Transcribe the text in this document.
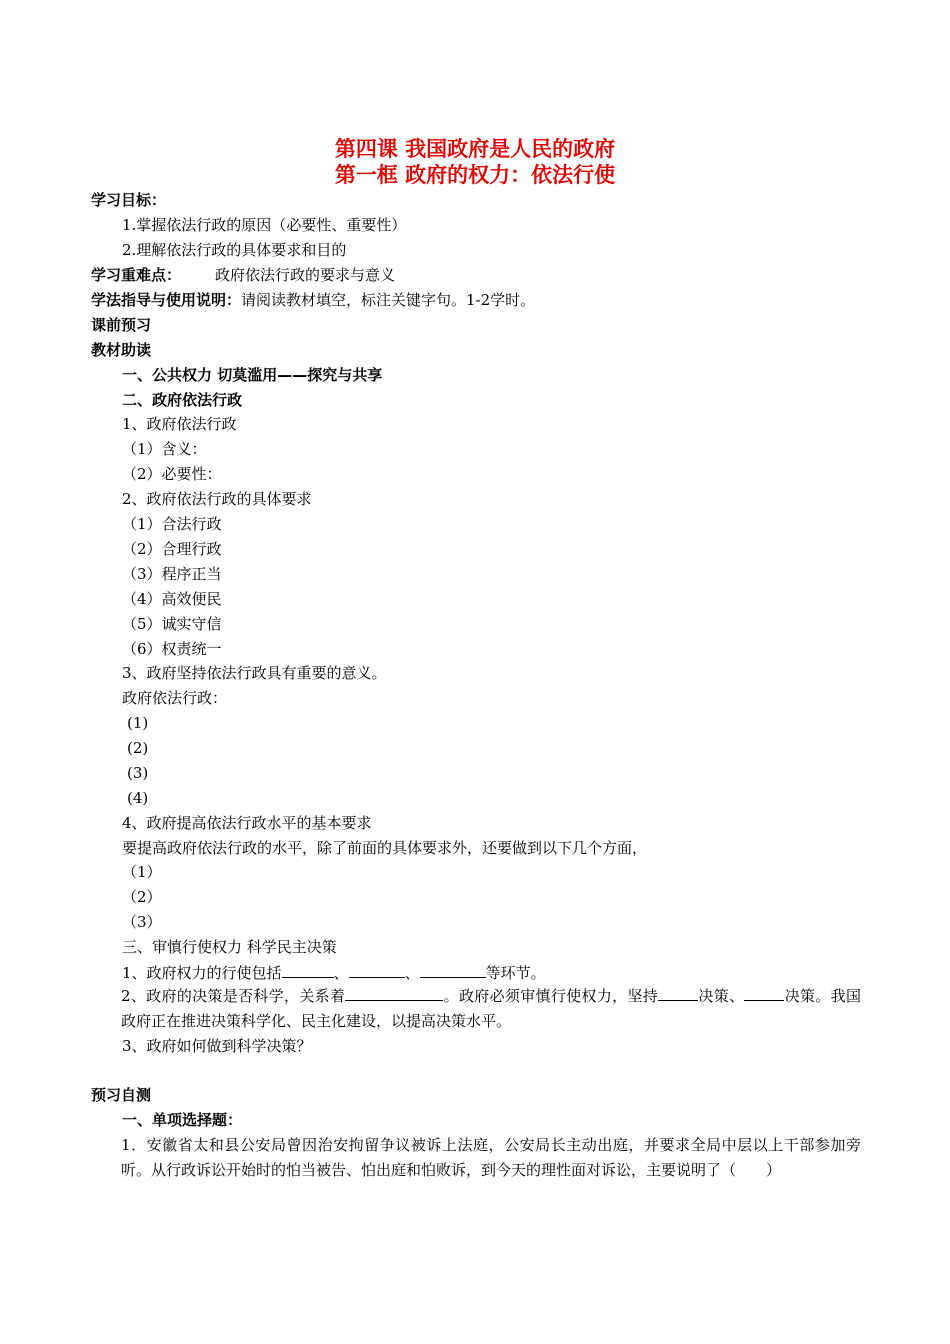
第四课 我国政府是人民的政府
第一框 政府的权力：依法行使
学习目标：
1.掌握依法行政的原因（必要性、重要性）
2.理解依法行政的具体要求和目的
学习重难点： 政府依法行政的要求与意义
学法指导与使用说明：请阅读教材填空，标注关键字句。1-2学时。
课前预习
教材助读
一、公共权力 切莫滥用——探究与共享
二、政府依法行政
1、政府依法行政
（1）含义：
（2）必要性：
2、政府依法行政的具体要求
（1）合法行政
（2）合理行政
（3）程序正当
（4）高效便民
（5）诚实守信
（6）权责统一
3、政府坚持依法行政具有重要的意义。
政府依法行政：
(1)
(2)
(3)
(4)
4、政府提高依法行政水平的基本要求
要提高政府依法行政的水平，除了前面的具体要求外，还要做到以下几个方面，
（1）
（2）
（3）
三、审慎行使权力 科学民主决策
1、政府权力的行使包括	、	、	等环节。
2、政府的决策是否科学，关系着	。政府必须审慎行使权力，坚持	决策、	决策。我国政府正在推进决策科学化、民主化建设，以提高决策水平。
3、政府如何做到科学决策？
预习自测
一、单项选择题：
1．安徽省太和县公安局曾因治安拘留争议被诉上法庭，公安局长主动出庭，并要求全局中层以上干部参加旁听。从行政诉讼开始时的怕当被告、怕出庭和怕败诉，到今天的理性面对诉讼，主要说明了（　　）
